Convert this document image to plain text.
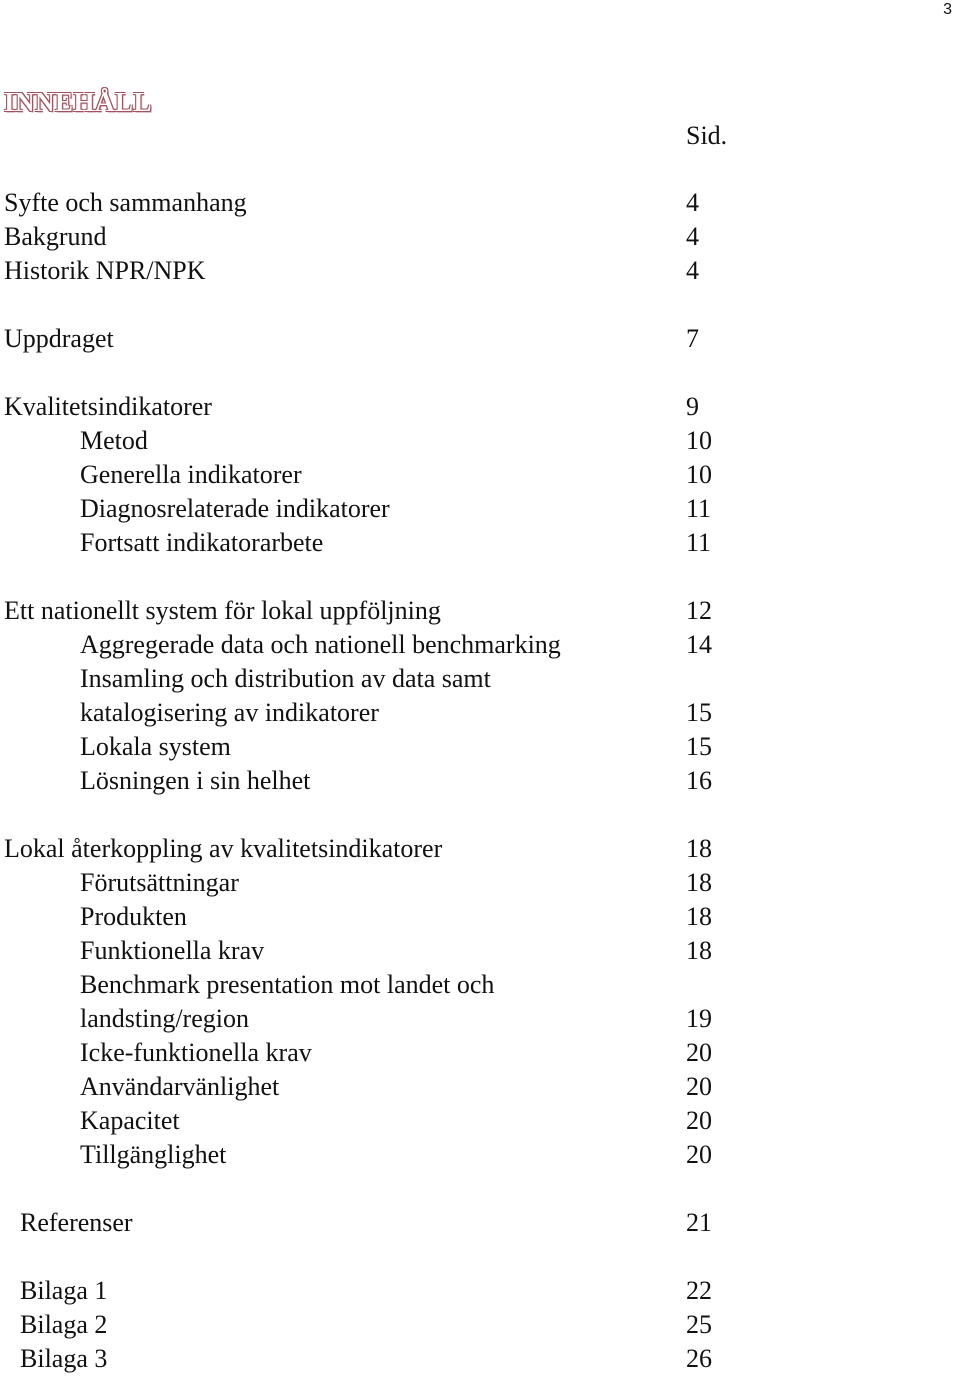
3
INNEHÅLL
Sid.
Syfte och sammanhang	4
Bakgrund	4
Historik NPR/NPK	4
Uppdraget	7
Kvalitetsindikatorer	9
Metod	10
Generella indikatorer	10
Diagnosrelaterade indikatorer	11
Fortsatt indikatorarbete	11
Ett nationellt system för lokal uppföljning	12
Aggregerade data och nationell benchmarking	14
Insamling och distribution av data samt
katalogisering av indikatorer	15
Lokala system	15
Lösningen i sin helhet	16
Lokal återkoppling av kvalitetsindikatorer	18
Förutsättningar	18
Produkten	18
Funktionella krav	18
Benchmark presentation mot landet och
landsting/region	19
Icke-funktionella krav	20
Användarvänlighet	20
Kapacitet	20
Tillgänglighet	20
Referenser	21
Bilaga 1	22
Bilaga 2	25
Bilaga 3	26
